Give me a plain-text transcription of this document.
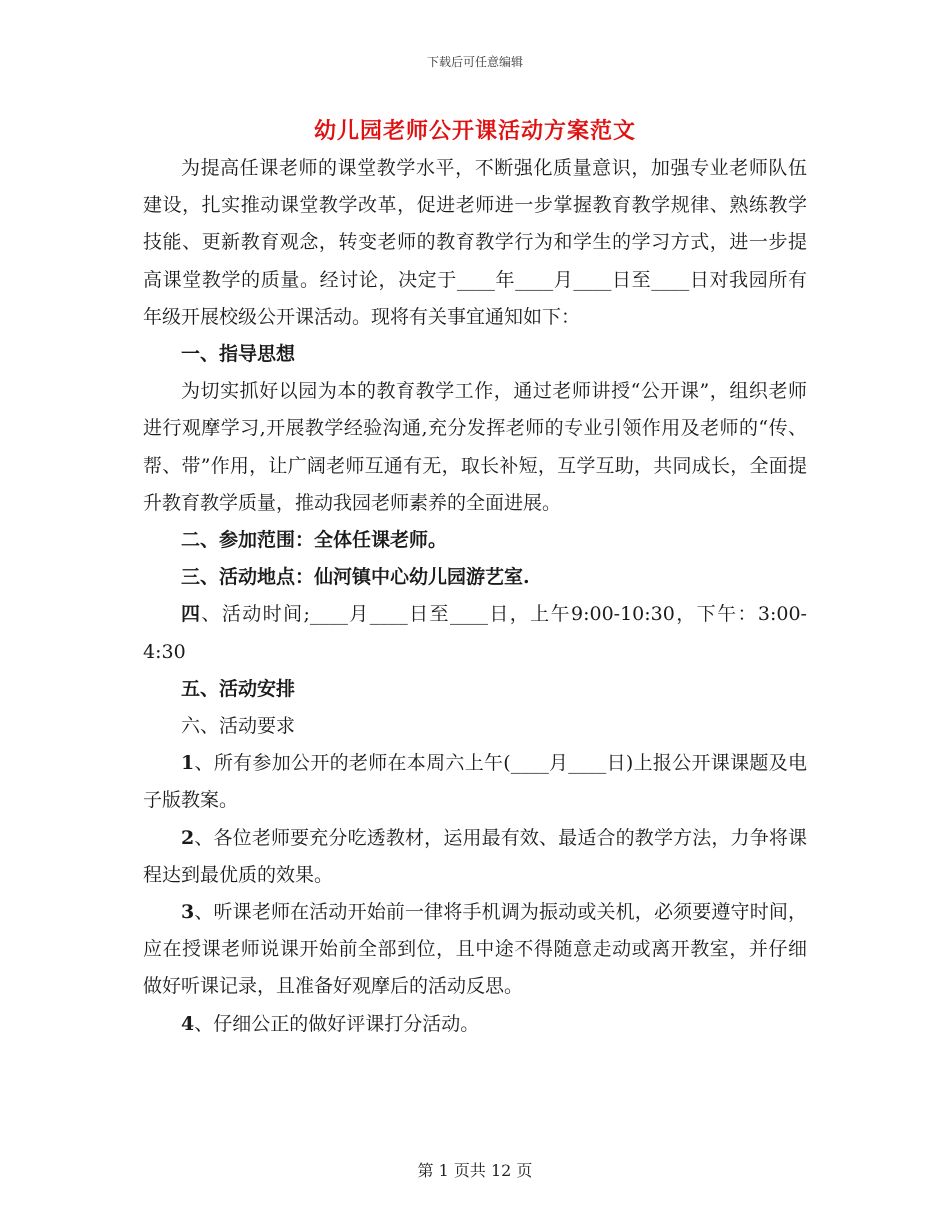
下载后可任意编辑
幼儿园老师公开课活动方案范文

为提高任课老师的课堂教学水平，不断强化质量意识，加强专业老师队伍建设，扎实推动课堂教学改革，促进老师进一步掌握教育教学规律、熟练教学技能、更新教育观念，转变老师的教育教学行为和学生的学习方式，进一步提高课堂教学的质量。经讨论，决定于____年____月____日至____日对我园所有年级开展校级公开课活动。现将有关事宜通知如下：

一、指导思想

为切实抓好以园为本的教育教学工作，通过老师讲授“公开课”，组织老师进行观摩学习,开展教学经验沟通,充分发挥老师的专业引领作用及老师的“传、帮、带”作用，让广阔老师互通有无，取长补短，互学互助，共同成长，全面提升教育教学质量，推动我园老师素养的全面进展。

二、参加范围：全体任课老师。

三、活动地点：仙河镇中心幼儿园游艺室.

四、活动时间;____月____日至____日，上午9:00-10:30，下午：3:00-4:30

五、活动安排

六、活动要求

1、所有参加公开的老师在本周六上午(____月____日)上报公开课课题及电子版教案。

2、各位老师要充分吃透教材，运用最有效、最适合的教学方法，力争将课程达到最优质的效果。

3、听课老师在活动开始前一律将手机调为振动或关机，必须要遵守时间，应在授课老师说课开始前全部到位，且中途不得随意走动或离开教室，并仔细做好听课记录，且准备好观摩后的活动反思。

4、仔细公正的做好评课打分活动。

第 1 页共 12 页
